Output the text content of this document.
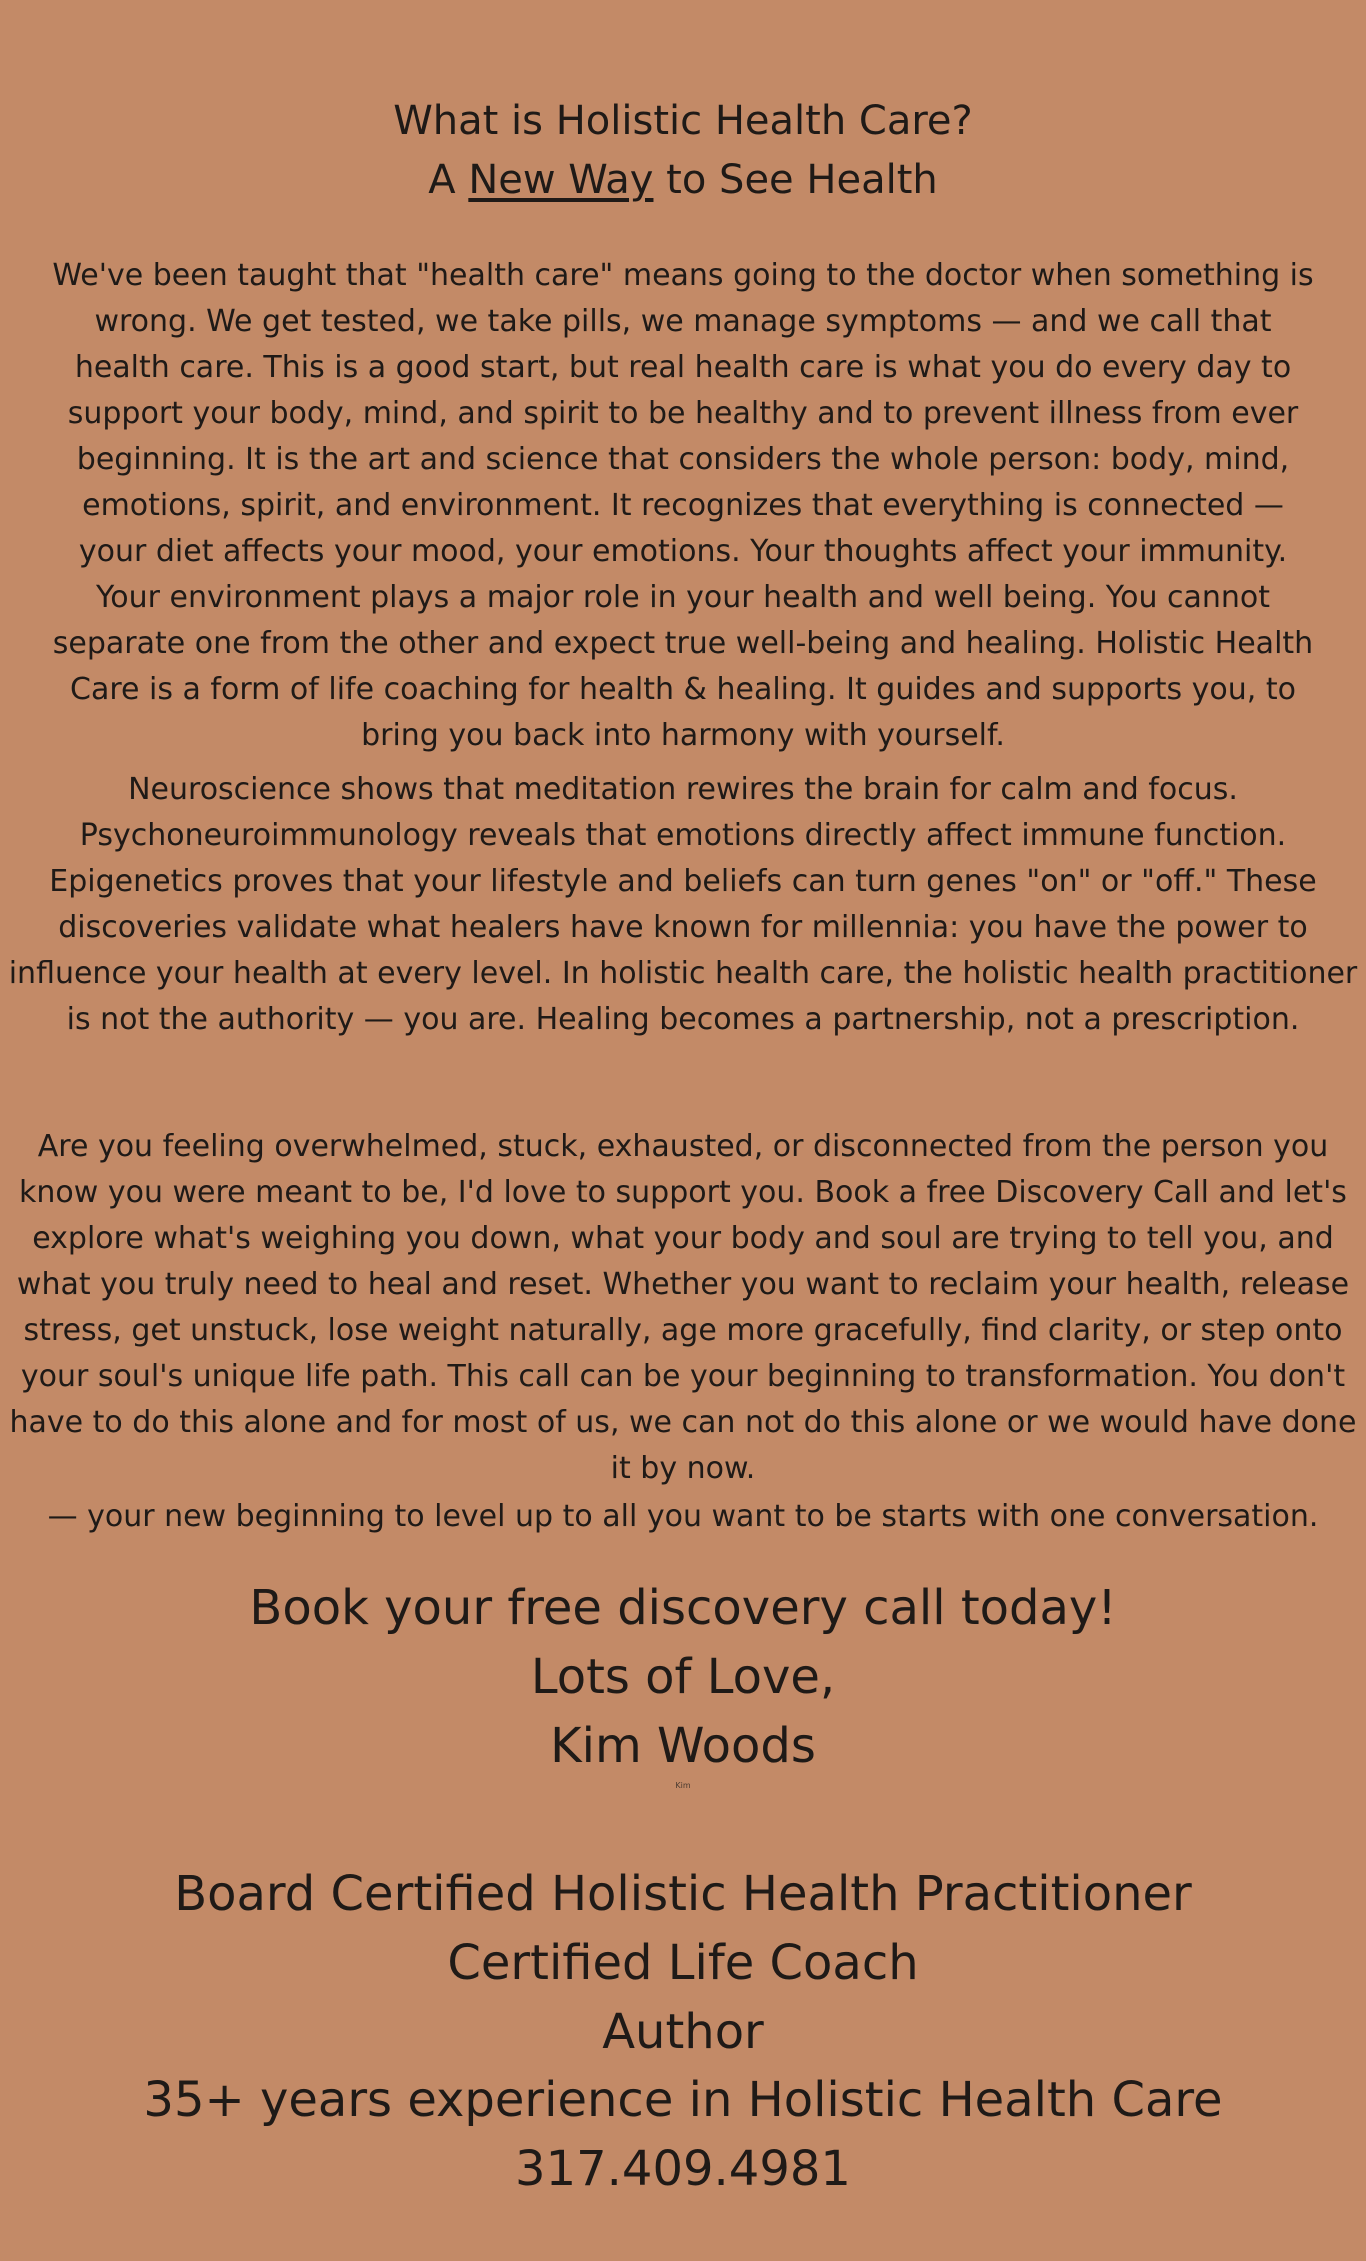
What is Holistic Health Care?
A New Way to See Health

We've been taught that "health care" means going to the doctor when something is wrong. We get tested, we take pills, we manage symptoms — and we call that health care. This is a good start, but real health care is what you do every day to support your body, mind, and spirit to be healthy and to prevent illness from ever beginning. It is the art and science that considers the whole person: body, mind, emotions, spirit, and environment. It recognizes that everything is connected — your diet affects your mood, your emotions. Your thoughts affect your immunity. Your environment plays a major role in your health and well being. You cannot separate one from the other and expect true well-being and healing. Holistic Health Care is a form of life coaching for health & healing. It guides and supports you, to bring you back into harmony with yourself.

Neuroscience shows that meditation rewires the brain for calm and focus. Psychoneuroimmunology reveals that emotions directly affect immune function. Epigenetics proves that your lifestyle and beliefs can turn genes "on" or "off." These discoveries validate what healers have known for millennia: you have the power to influence your health at every level. In holistic health care, the holistic health practitioner is not the authority — you are. Healing becomes a partnership, not a prescription.

Are you feeling overwhelmed, stuck, exhausted, or disconnected from the person you know you were meant to be, I'd love to support you. Book a free Discovery Call and let's explore what's weighing you down, what your body and soul are trying to tell you, and what you truly need to heal and reset. Whether you want to reclaim your health, release stress, get unstuck, lose weight naturally, age more gracefully, find clarity, or step onto your soul's unique life path. This call can be your beginning to transformation. You don't have to do this alone and for most of us, we can not do this alone or we would have done it by now.

— your new beginning to level up to all you want to be starts with one conversation.

Book your free discovery call today!

Lots of Love,

Kim Woods

Kim

Board Certified Holistic Health Practitioner

Certified Life Coach

Author

35+ years experience in Holistic Health Care

317.409.4981
